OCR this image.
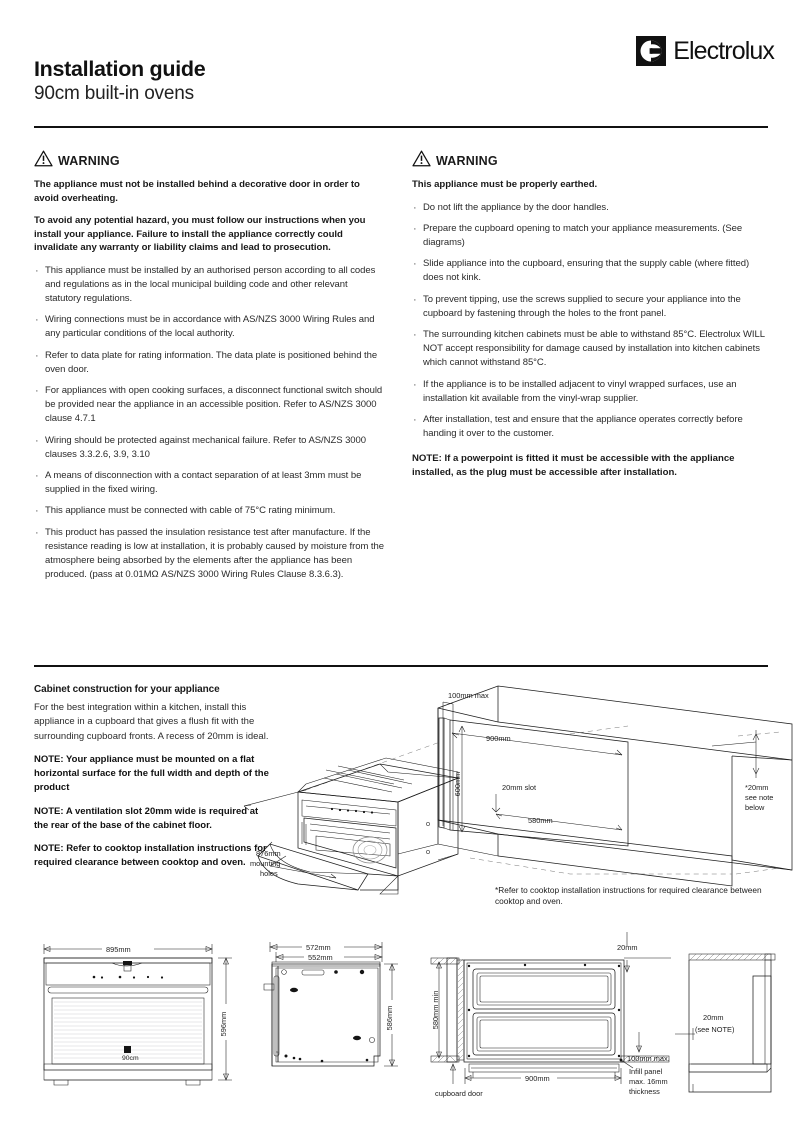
Installation guide
90cm built-in ovens
Electrolux
WARNING
The appliance must not be installed behind a decorative door in order to avoid overheating.
To avoid any potential hazard, you must follow our instructions when you install your appliance. Failure to install the appliance correctly could invalidate any warranty or liability claims and lead to prosecution.
· This appliance must be installed by an authorised person according to all codes and regulations as in the local municipal building code and other relevant statutory regulations.
· Wiring connections must be in accordance with AS/NZS 3000 Wiring Rules and any particular conditions of the local authority.
· Refer to data plate for rating information. The data plate is positioned behind the oven door.
· For appliances with open cooking surfaces, a disconnect functional switch should be provided near the appliance in an accessible position. Refer to AS/NZS 3000 clause 4.7.1
· Wiring should be protected against mechanical failure. Refer to AS/NZS 3000 clauses 3.3.2.6, 3.9, 3.10
· A means of disconnection with a contact separation of at least 3mm must be supplied in the fixed wiring.
· This appliance must be connected with cable of 75°C rating minimum.
· This product has passed the insulation resistance test after manufacture. If the resistance reading is low at installation, it is probably caused by moisture from the atmosphere being absorbed by the elements after the appliance has been produced. (pass at 0.01MΩ AS/NZS 3000 Wiring Rules Clause 8.3.6.3).
WARNING
This appliance must be properly earthed.
· Do not lift the appliance by the door handles.
· Prepare the cupboard opening to match your appliance measurements. (See diagrams)
· Slide appliance into the cupboard, ensuring that the supply cable (where fitted) does not kink.
· To prevent tipping, use the screws supplied to secure your appliance into the cupboard by fastening through the holes to the front panel.
· The surrounding kitchen cabinets must be able to withstand 85°C. Electrolux WILL NOT accept responsibility for damage caused by installation into kitchen cabinets which cannot withstand 85°C.
· If the appliance is to be installed adjacent to vinyl wrapped surfaces, use an installation kit available from the vinyl-wrap supplier.
· After installation, test and ensure that the appliance operates correctly before handing it over to the customer.
NOTE: If a powerpoint is fitted it must be accessible with the appliance installed, as the plug must be accessible after installation.
Cabinet construction for your appliance

For the best integration within a kitchen, install this appliance in a cupboard that gives a flush fit with the surrounding cupboard fronts. A recess of 20mm is ideal.

NOTE: Your appliance must be mounted on a flat horizontal surface for the full width and depth of the product

NOTE: A ventilation slot 20mm wide is required at the rear of the base of the cabinet floor.

NOTE: Refer to cooktop installation instructions for required clearance between cooktop and oven.

100mm max
900mm
600mm	20mm slot
580mm
*20mm
see note
below
876mm
mounting
holes
*Refer to cooktop installation instructions for required clearance between cooktop and oven.
895mm
90cm
596mm
572mm
552mm
586mm	580mm min
20mm
100mm max.
900mm
cupboard door
Infill panel
max. 16mm
thickness
20mm
(see NOTE)
